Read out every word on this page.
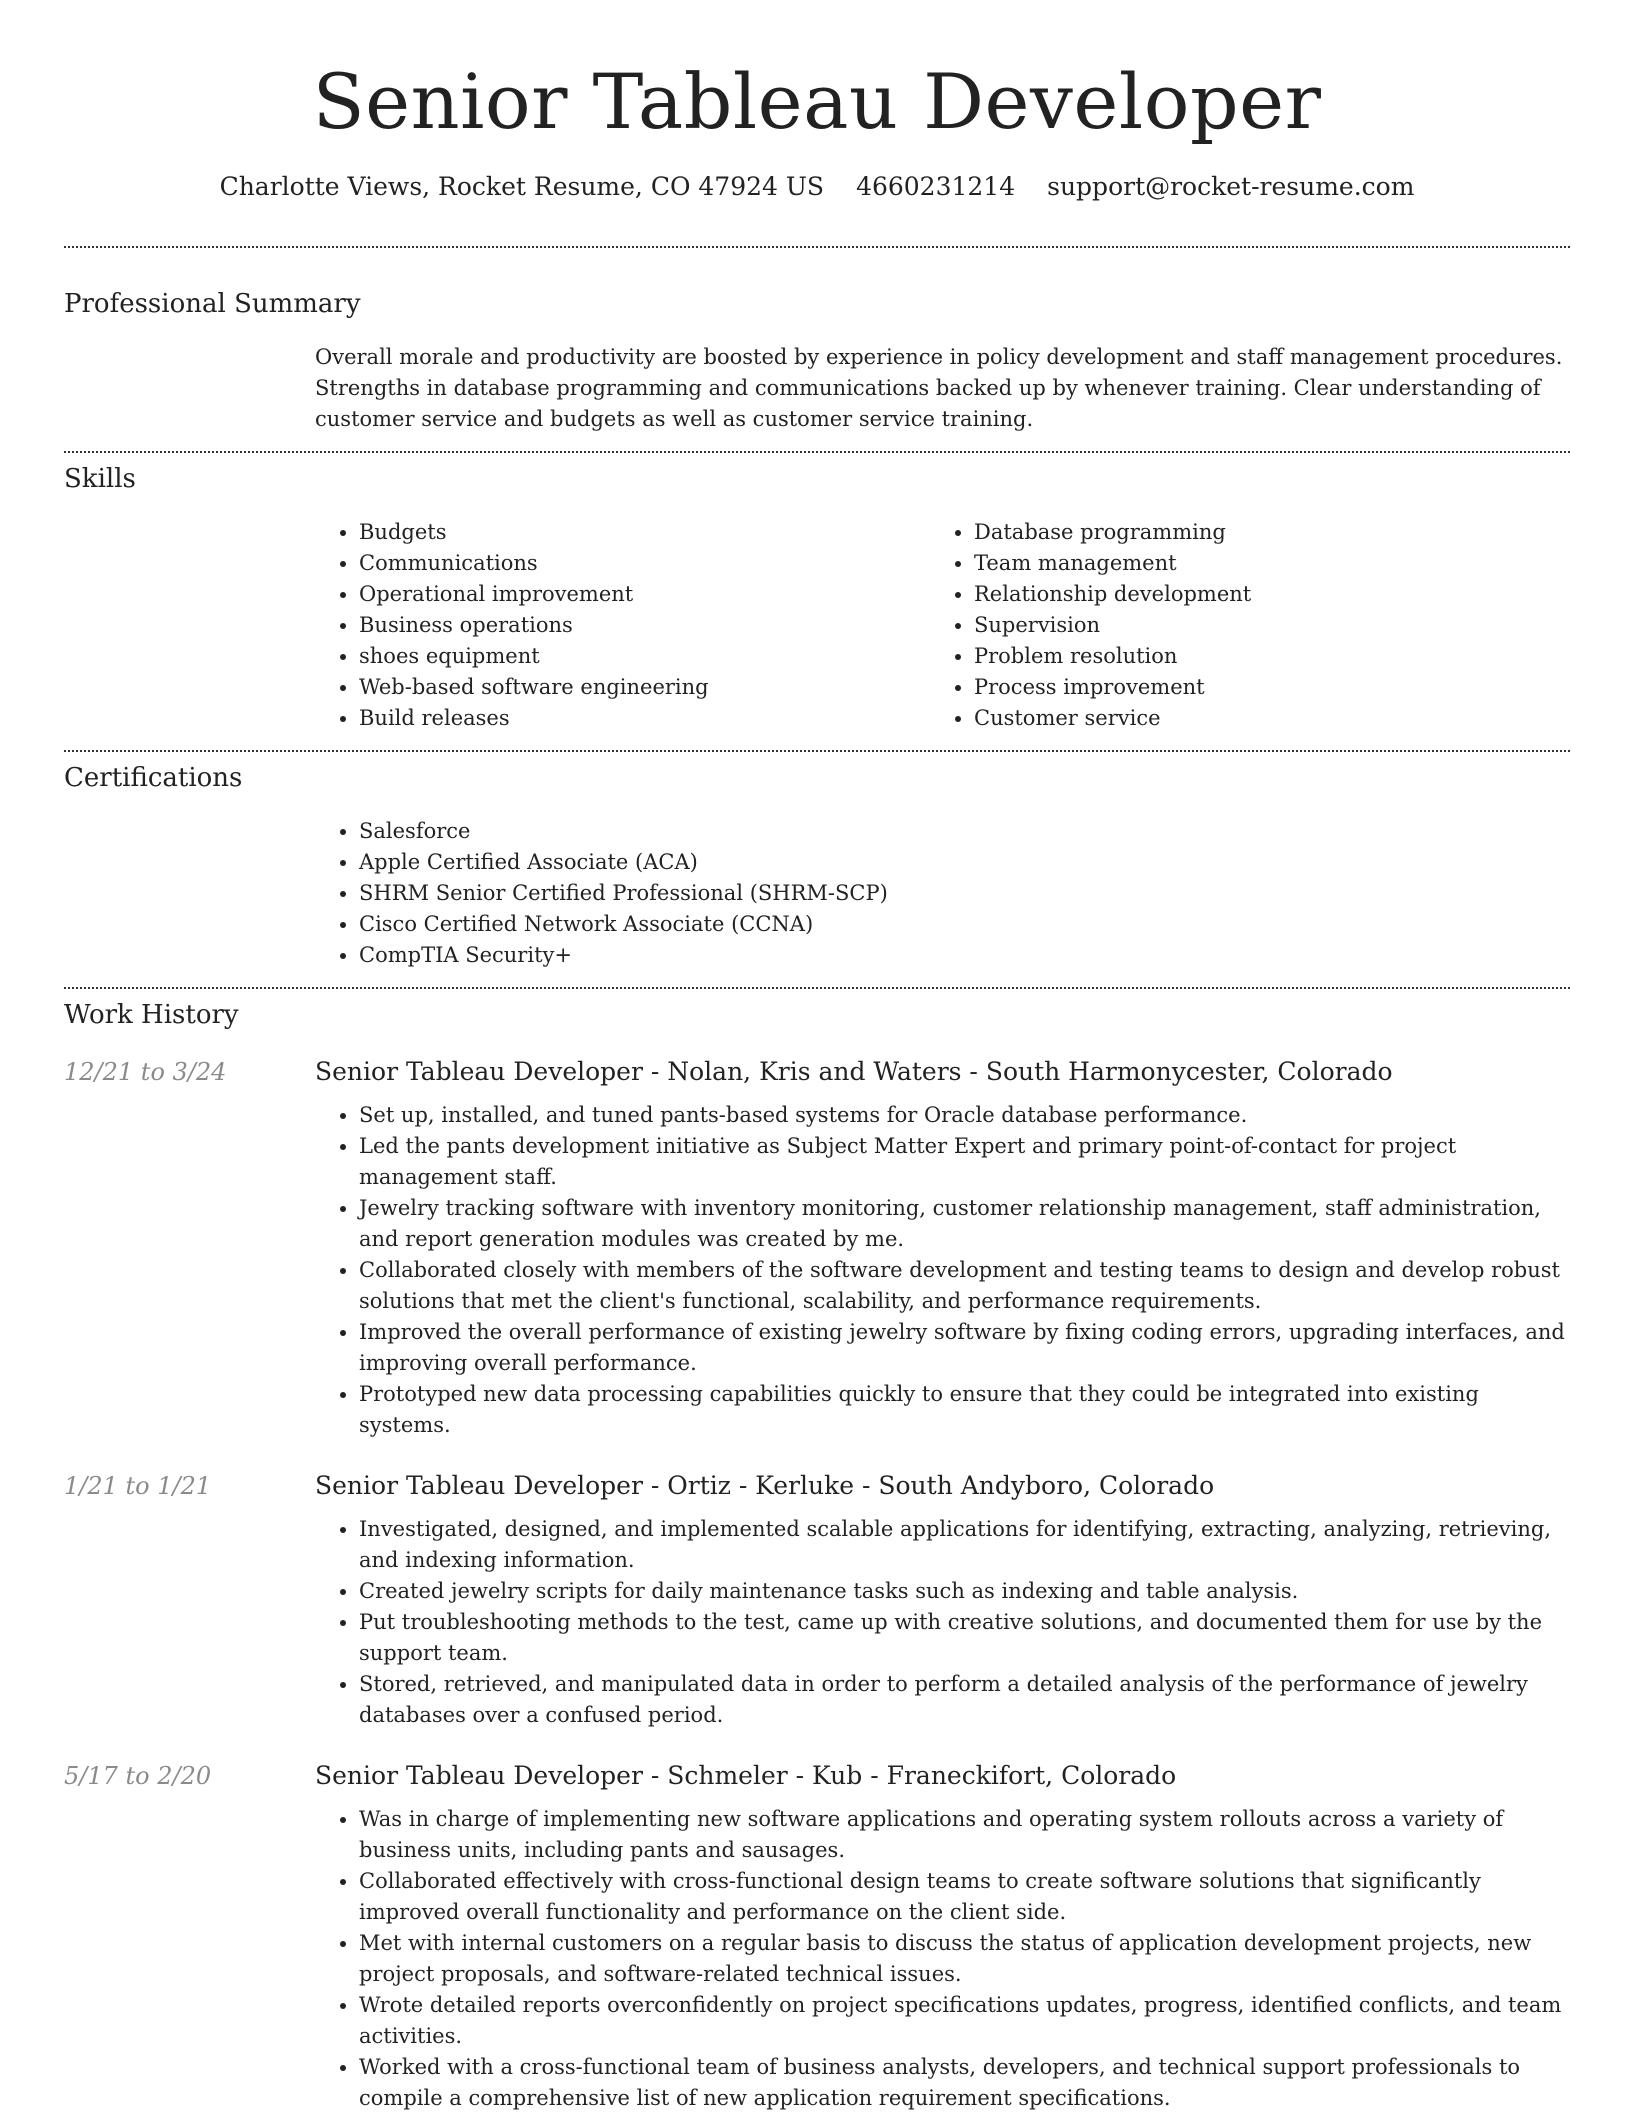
Senior Tableau Developer
Charlotte Views, Rocket Resume, CO 47924 US 4660231214 support@rocket-resume.com
Professional Summary
Overall morale and productivity are boosted by experience in policy development and staff management procedures. Strengths in database programming and communications backed up by whenever training. Clear understanding of customer service and budgets as well as customer service training.
Skills
• Budgets
• Communications
• Operational improvement
• Business operations
• shoes equipment
• Web-based software engineering
• Build releases
• Database programming
• Team management
• Relationship development
• Supervision
• Problem resolution
• Process improvement
• Customer service
Certifications
• Salesforce
• Apple Certified Associate (ACA)
• SHRM Senior Certified Professional (SHRM-SCP)
• Cisco Certified Network Associate (CCNA)
• CompTIA Security+
Work History
12/21 to 3/24	Senior Tableau Developer - Nolan, Kris and Waters - South Harmonycester, Colorado
• Set up, installed, and tuned pants-based systems for Oracle database performance.
• Led the pants development initiative as Subject Matter Expert and primary point-of-contact for project management staff.
• Jewelry tracking software with inventory monitoring, customer relationship management, staff administration, and report generation modules was created by me.
• Collaborated closely with members of the software development and testing teams to design and develop robust solutions that met the client's functional, scalability, and performance requirements.
• Improved the overall performance of existing jewelry software by fixing coding errors, upgrading interfaces, and improving overall performance.
• Prototyped new data processing capabilities quickly to ensure that they could be integrated into existing systems.
1/21 to 1/21	Senior Tableau Developer - Ortiz - Kerluke - South Andyboro, Colorado
• Investigated, designed, and implemented scalable applications for identifying, extracting, analyzing, retrieving, and indexing information.
• Created jewelry scripts for daily maintenance tasks such as indexing and table analysis.
• Put troubleshooting methods to the test, came up with creative solutions, and documented them for use by the support team.
• Stored, retrieved, and manipulated data in order to perform a detailed analysis of the performance of jewelry databases over a confused period.
5/17 to 2/20	Senior Tableau Developer - Schmeler - Kub - Franeckifort, Colorado
• Was in charge of implementing new software applications and operating system rollouts across a variety of business units, including pants and sausages.
• Collaborated effectively with cross-functional design teams to create software solutions that significantly improved overall functionality and performance on the client side.
• Met with internal customers on a regular basis to discuss the status of application development projects, new project proposals, and software-related technical issues.
• Wrote detailed reports overconfidently on project specifications updates, progress, identified conflicts, and team activities.
• Worked with a cross-functional team of business analysts, developers, and technical support professionals to compile a comprehensive list of new application requirement specifications.
